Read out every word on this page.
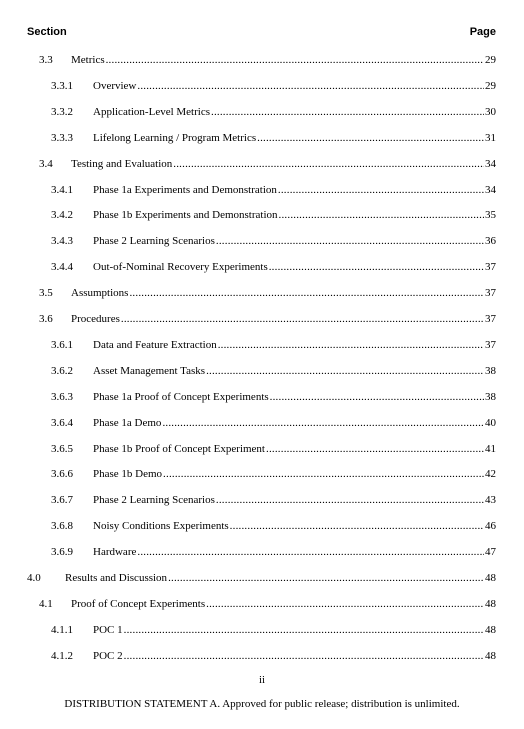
Section	Page
3.3 Metrics .....	29
3.3.1 Overview .....	29
3.3.2 Application-Level Metrics .....	30
3.3.3 Lifelong Learning / Program Metrics .....	31
3.4 Testing and Evaluation .....	34
3.4.1 Phase 1a Experiments and Demonstration .....	34
3.4.2 Phase 1b Experiments and Demonstration .....	35
3.4.3 Phase 2 Learning Scenarios .....	36
3.4.4 Out-of-Nominal Recovery Experiments .....	37
3.5 Assumptions .....	37
3.6 Procedures .....	37
3.6.1 Data and Feature Extraction .....	37
3.6.2 Asset Management Tasks .....	38
3.6.3 Phase 1a Proof of Concept Experiments .....	38
3.6.4 Phase 1a Demo .....	40
3.6.5 Phase 1b Proof of Concept Experiment .....	41
3.6.6 Phase 1b Demo .....	42
3.6.7 Phase 2 Learning Scenarios .....	43
3.6.8 Noisy Conditions Experiments .....	46
3.6.9 Hardware .....	47
4.0 Results and Discussion .....	48
4.1 Proof of Concept Experiments .....	48
4.1.1 POC 1 .....	48
4.1.2 POC 2 .....	48
ii
DISTRIBUTION STATEMENT A. Approved for public release; distribution is unlimited.
